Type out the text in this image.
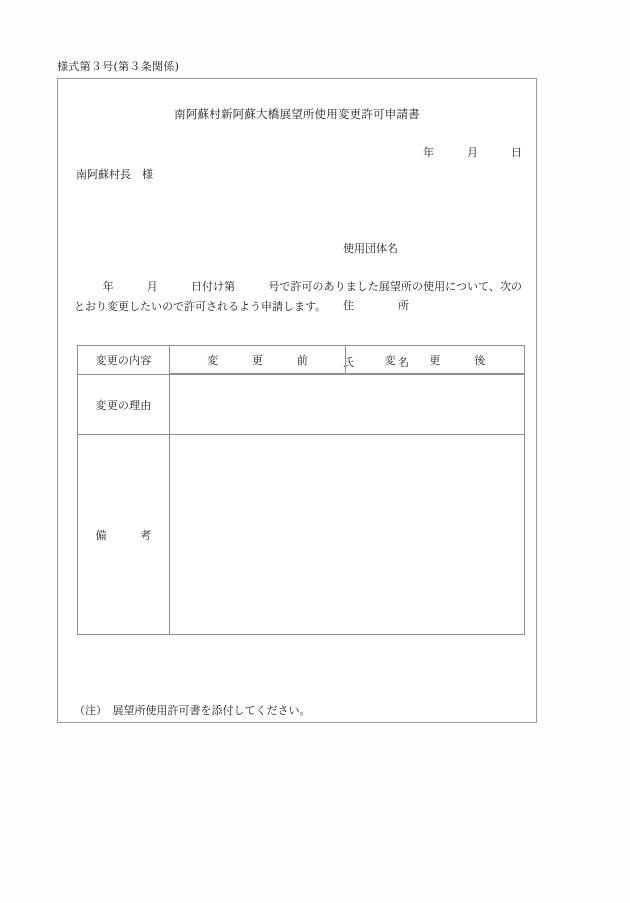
様式第３号(第３条関係)
南阿蘇村新阿蘇大橋展望所使用変更許可申請書
年　　　月　　　日
南阿蘇村長　様

使用団体名

住　　　　所

氏　　　　名

年　　　月　　　日付け第　　　号で許可のありました展望所の使用について、次のとおり変更したいので許可されるよう申請します。
変更の内容	変　　　更　　　前	変　　　更　　　後

変更の理由		
備　　　考		
（注）　展望所使用許可書を添付してください。
